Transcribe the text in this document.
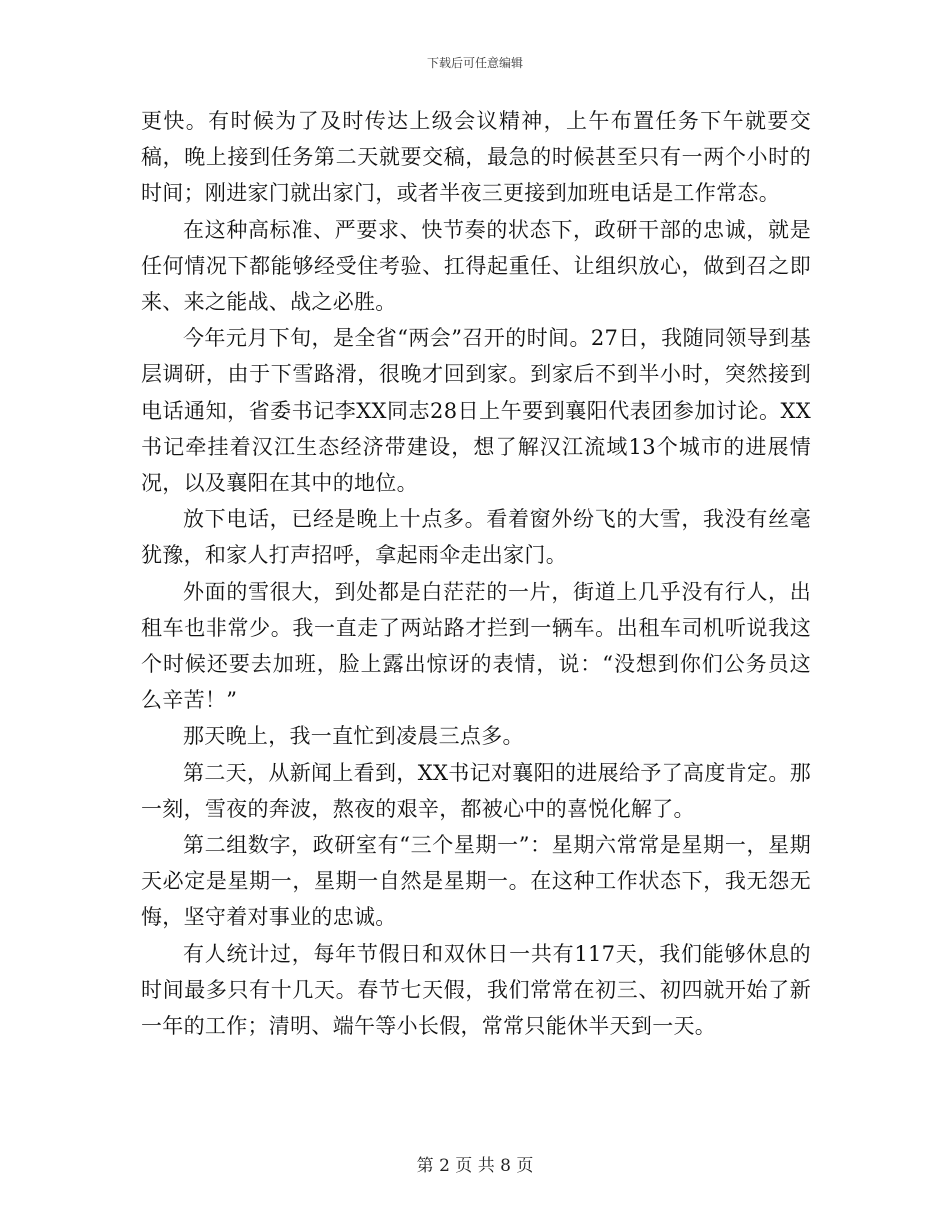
下载后可任意编辑

更快。有时候为了及时传达上级会议精神，上午布置任务下午就要交稿，晚上接到任务第二天就要交稿，最急的时候甚至只有一两个小时的时间；刚进家门就出家门，或者半夜三更接到加班电话是工作常态。

在这种高标准、严要求、快节奏的状态下，政研干部的忠诚，就是任何情况下都能够经受住考验、扛得起重任、让组织放心，做到召之即来、来之能战、战之必胜。

今年元月下旬，是全省“两会”召开的时间。27日，我随同领导到基层调研，由于下雪路滑，很晚才回到家。到家后不到半小时，突然接到电话通知，省委书记李XX同志28日上午要到襄阳代表团参加讨论。XX书记牵挂着汉江生态经济带建设，想了解汉江流域13个城市的进展情况，以及襄阳在其中的地位。

放下电话，已经是晚上十点多。看着窗外纷飞的大雪，我没有丝毫犹豫，和家人打声招呼，拿起雨伞走出家门。

外面的雪很大，到处都是白茫茫的一片，街道上几乎没有行人，出租车也非常少。我一直走了两站路才拦到一辆车。出租车司机听说我这个时候还要去加班，脸上露出惊讶的表情，说：“没想到你们公务员这么辛苦！”

那天晚上，我一直忙到凌晨三点多。

第二天，从新闻上看到，XX书记对襄阳的进展给予了高度肯定。那一刻，雪夜的奔波，熬夜的艰辛，都被心中的喜悦化解了。

第二组数字，政研室有“三个星期一”：星期六常常是星期一，星期天必定是星期一，星期一自然是星期一。在这种工作状态下，我无怨无悔，坚守着对事业的忠诚。

有人统计过，每年节假日和双休日一共有117天，我们能够休息的时间最多只有十几天。春节七天假，我们常常在初三、初四就开始了新一年的工作；清明、端午等小长假，常常只能休半天到一天。

第 2 页 共 8 页
